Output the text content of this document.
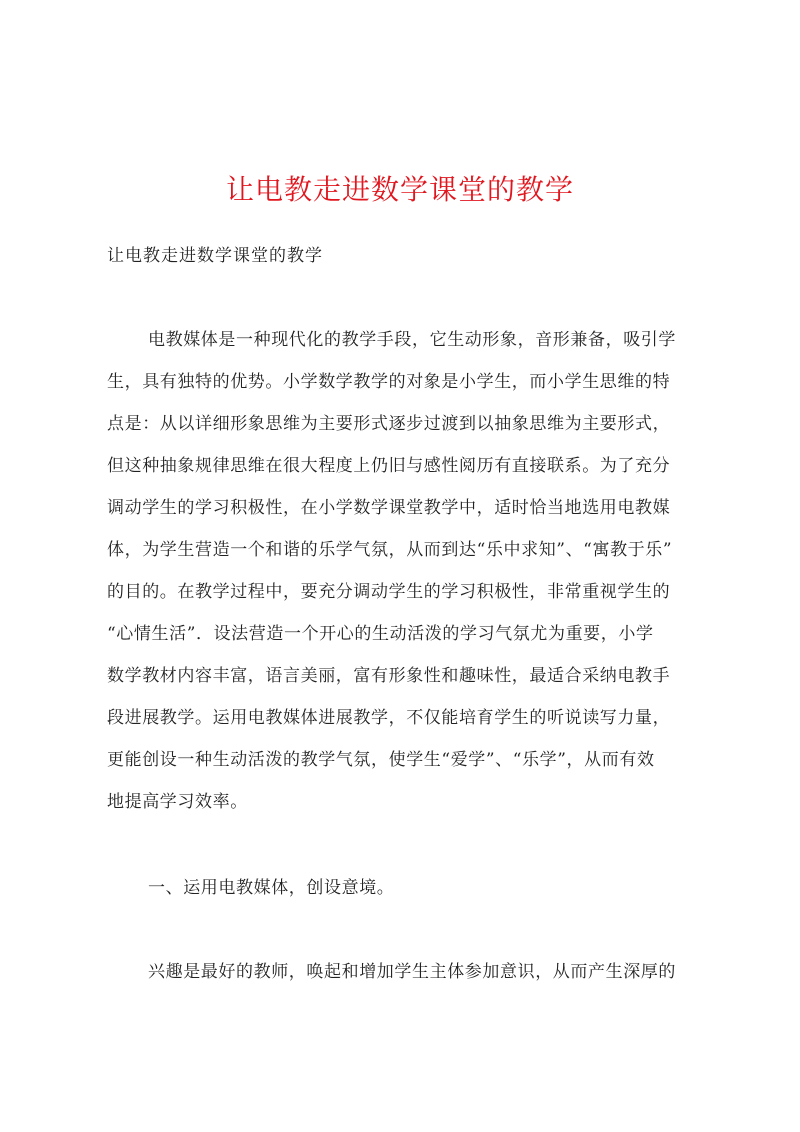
让电教走进数学课堂的教学
让电教走进数学课堂的教学
电教媒体是一种现代化的教学手段，它生动形象，音形兼备，吸引学
生，具有独特的优势。小学数学教学的对象是小学生，而小学生思维的特
点是：从以详细形象思维为主要形式逐步过渡到以抽象思维为主要形式，
但这种抽象规律思维在很大程度上仍旧与感性阅历有直接联系。为了充分
调动学生的学习积极性，在小学数学课堂教学中，适时恰当地选用电教媒
体，为学生营造一个和谐的乐学气氛，从而到达“乐中求知”、“寓教于乐”
的目的。在教学过程中，要充分调动学生的学习积极性，非常重视学生的
“心情生活”．设法营造一个开心的生动活泼的学习气氛尤为重要，小学
数学教材内容丰富，语言美丽，富有形象性和趣味性，最适合采纳电教手
段进展教学。运用电教媒体进展教学，不仅能培育学生的听说读写力量，
更能创设一种生动活泼的教学气氛，使学生“爱学”、“乐学”，从而有效
地提高学习效率。
一、运用电教媒体，创设意境。
兴趣是最好的教师，唤起和增加学生主体参加意识，从而产生深厚的
